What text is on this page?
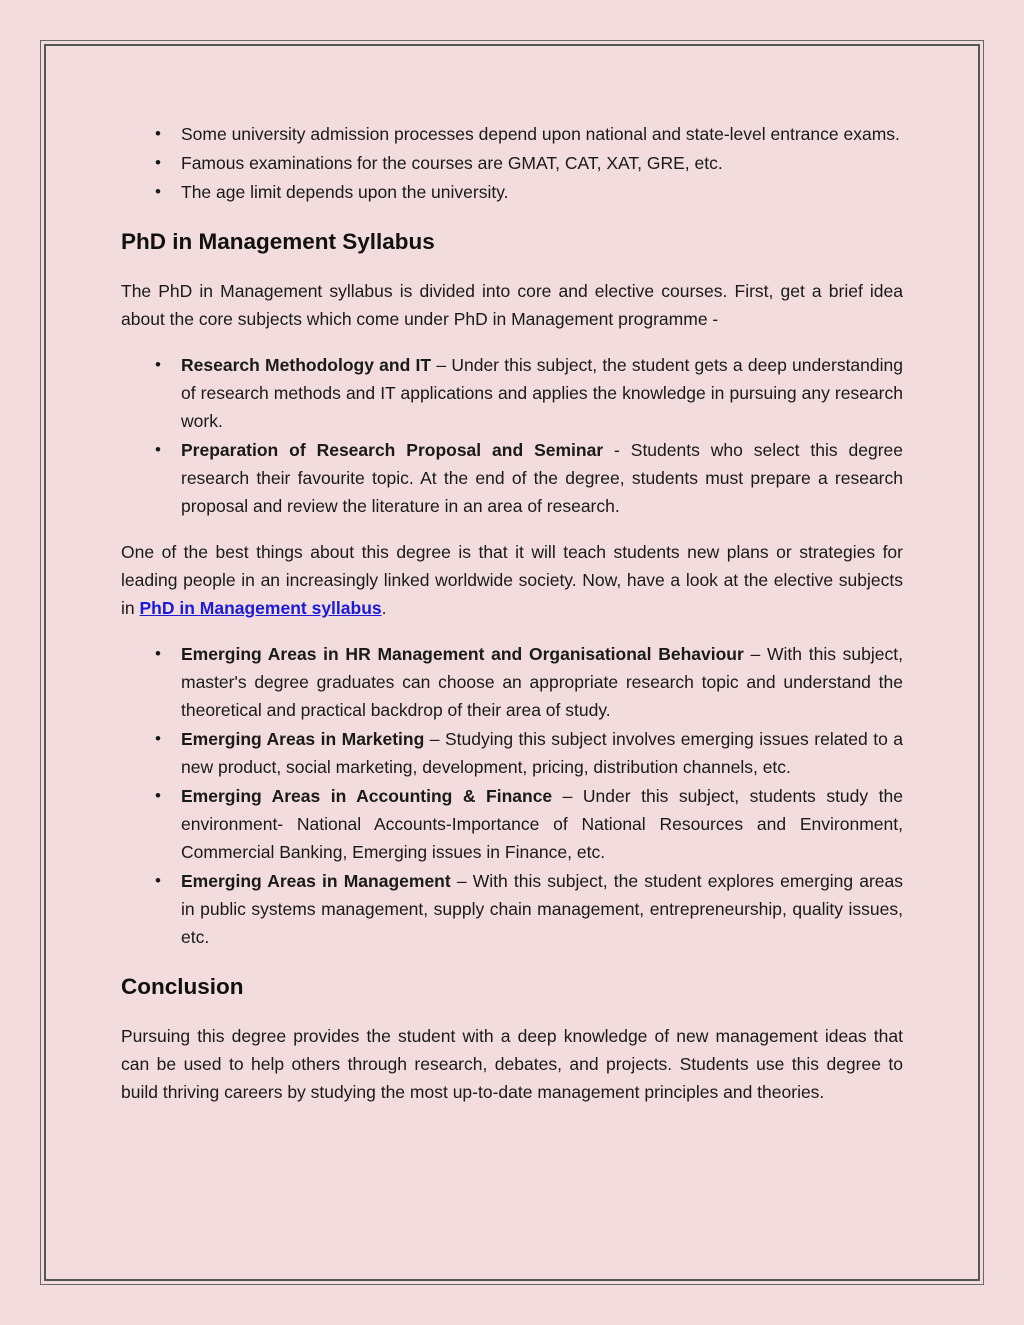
• Some university admission processes depend upon national and state-level entrance exams.
• Famous examinations for the courses are GMAT, CAT, XAT, GRE, etc.
• The age limit depends upon the university.
PhD in Management Syllabus

The PhD in Management syllabus is divided into core and elective courses. First, get a brief idea about the core subjects which come under PhD in Management programme -

• Research Methodology and IT – Under this subject, the student gets a deep understanding of research methods and IT applications and applies the knowledge in pursuing any research work.
• Preparation of Research Proposal and Seminar - Students who select this degree research their favourite topic. At the end of the degree, students must prepare a research proposal and review the literature in an area of research.

One of the best things about this degree is that it will teach students new plans or strategies for leading people in an increasingly linked worldwide society. Now, have a look at the elective subjects in PhD in Management syllabus.

• Emerging Areas in HR Management and Organisational Behaviour – With this subject, master's degree graduates can choose an appropriate research topic and understand the theoretical and practical backdrop of their area of study.
• Emerging Areas in Marketing – Studying this subject involves emerging issues related to a new product, social marketing, development, pricing, distribution channels, etc.
• Emerging Areas in Accounting & Finance – Under this subject, students study the environment- National Accounts-Importance of National Resources and Environment, Commercial Banking, Emerging issues in Finance, etc.
• Emerging Areas in Management – With this subject, the student explores emerging areas in public systems management, supply chain management, entrepreneurship, quality issues, etc.
Conclusion

Pursuing this degree provides the student with a deep knowledge of new management ideas that can be used to help others through research, debates, and projects. Students use this degree to build thriving careers by studying the most up-to-date management principles and theories.
